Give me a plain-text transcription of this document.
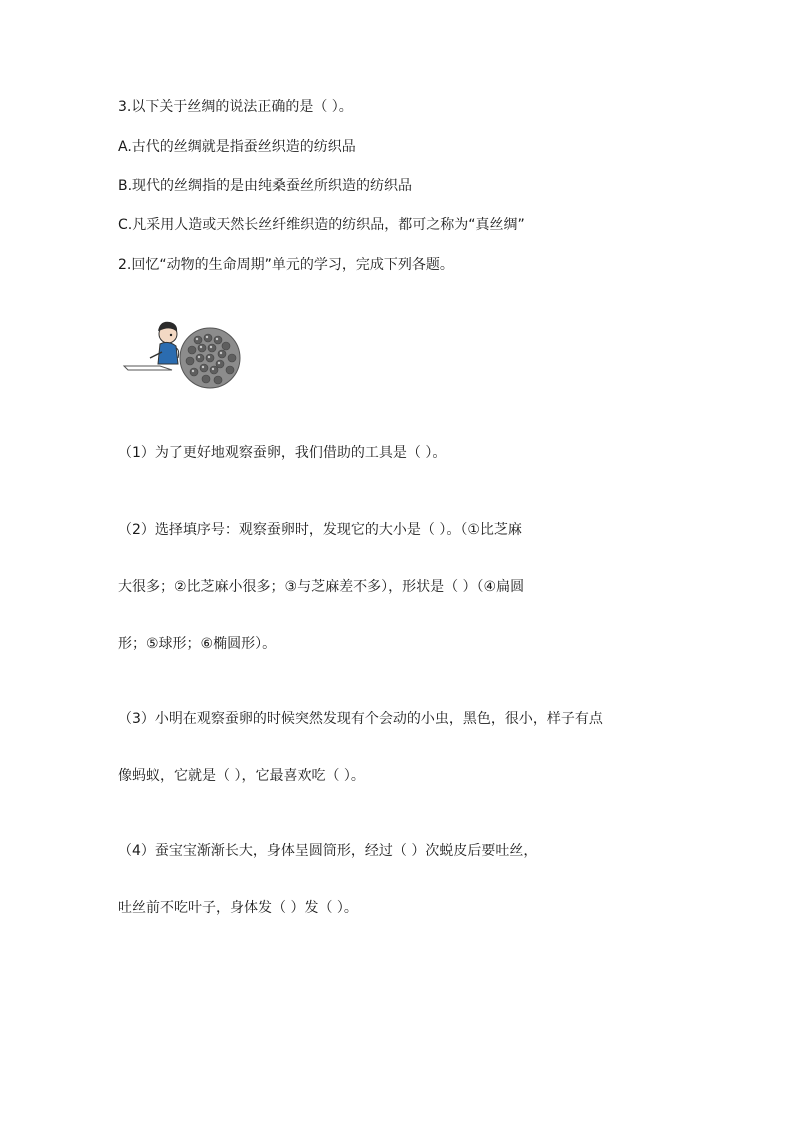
3.以下关于丝绸的说法正确的是（ ）。
A.古代的丝绸就是指蚕丝织造的纺织品
B.现代的丝绸指的是由纯桑蚕丝所织造的纺织品
C.凡采用人造或天然长丝纤维织造的纺织品，都可之称为“真丝绸”
2.回忆“动物的生命周期”单元的学习，完成下列各题。
（1）为了更好地观察蚕卵，我们借助的工具是（ ）。
（2）选择填序号：观察蚕卵时，发现它的大小是（ ）。（①比芝麻
大很多；②比芝麻小很多；③与芝麻差不多），形状是（ ）（④扁圆
形；⑤球形；⑥椭圆形）。
（3）小明在观察蚕卵的时候突然发现有个会动的小虫，黑色，很小，样子有点
像蚂蚁，它就是（ ），它最喜欢吃（ ）。
（4）蚕宝宝渐渐长大，身体呈圆筒形，经过（ ）次蜕皮后要吐丝，
吐丝前不吃叶子，身体发（ ）发（ ）。
